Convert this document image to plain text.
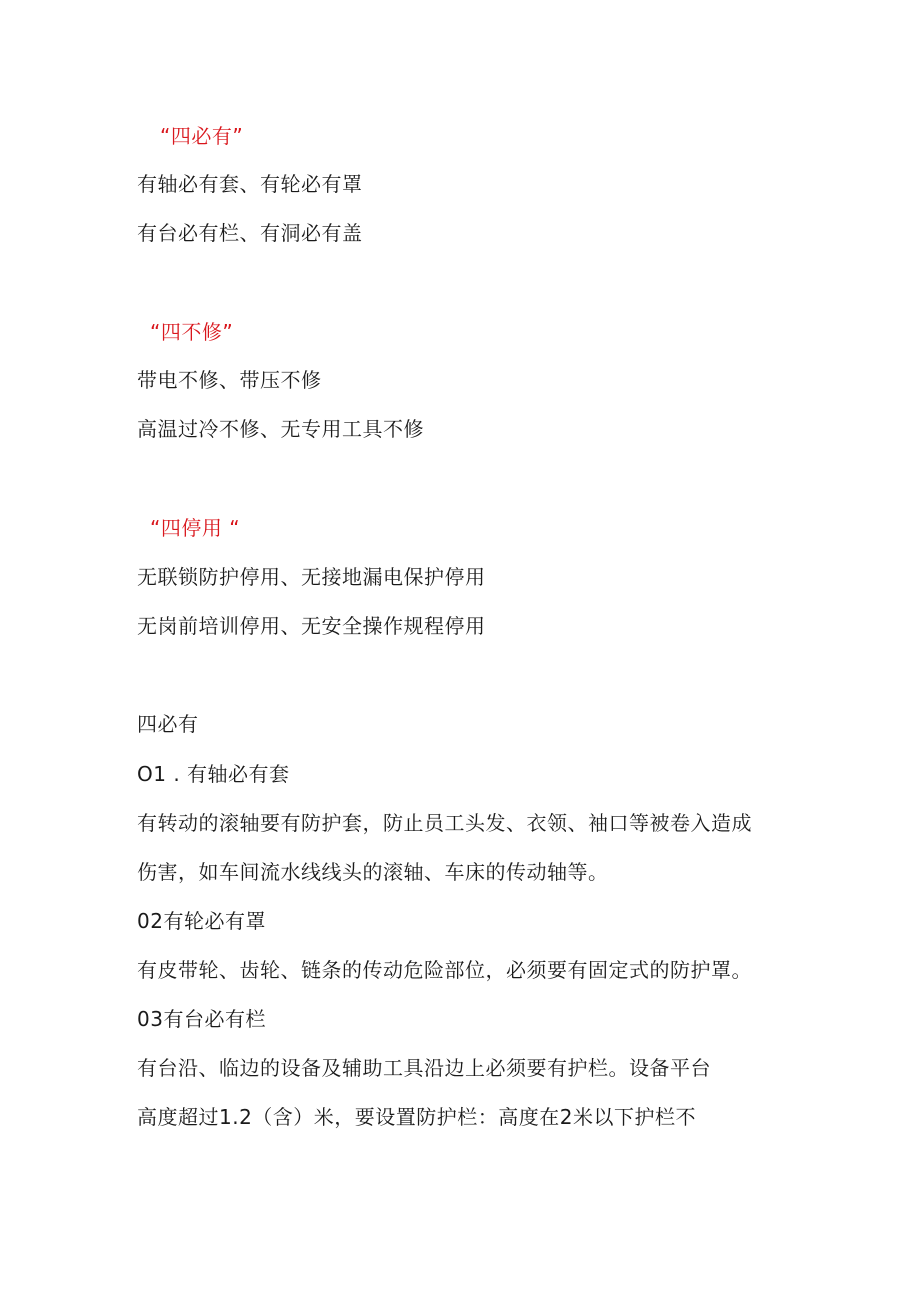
“四必有”
有轴必有套、有轮必有罩
有台必有栏、有洞必有盖
“四不修”
带电不修、带压不修
高温过冷不修、无专用工具不修
“四停用 “
无联锁防护停用、无接地漏电保护停用
无岗前培训停用、无安全操作规程停用
四必有
O1 . 有轴必有套
有转动的滚轴要有防护套，防止员工头发、衣领、袖口等被卷入造成
伤害，如车间流水线线头的滚轴、车床的传动轴等。
02有轮必有罩
有皮带轮、齿轮、链条的传动危险部位，必须要有固定式的防护罩。
03有台必有栏
有台沿、临边的设备及辅助工具沿边上必须要有护栏。设备平台
高度超过1.2（含）米，要设置防护栏：高度在2米以下护栏不
